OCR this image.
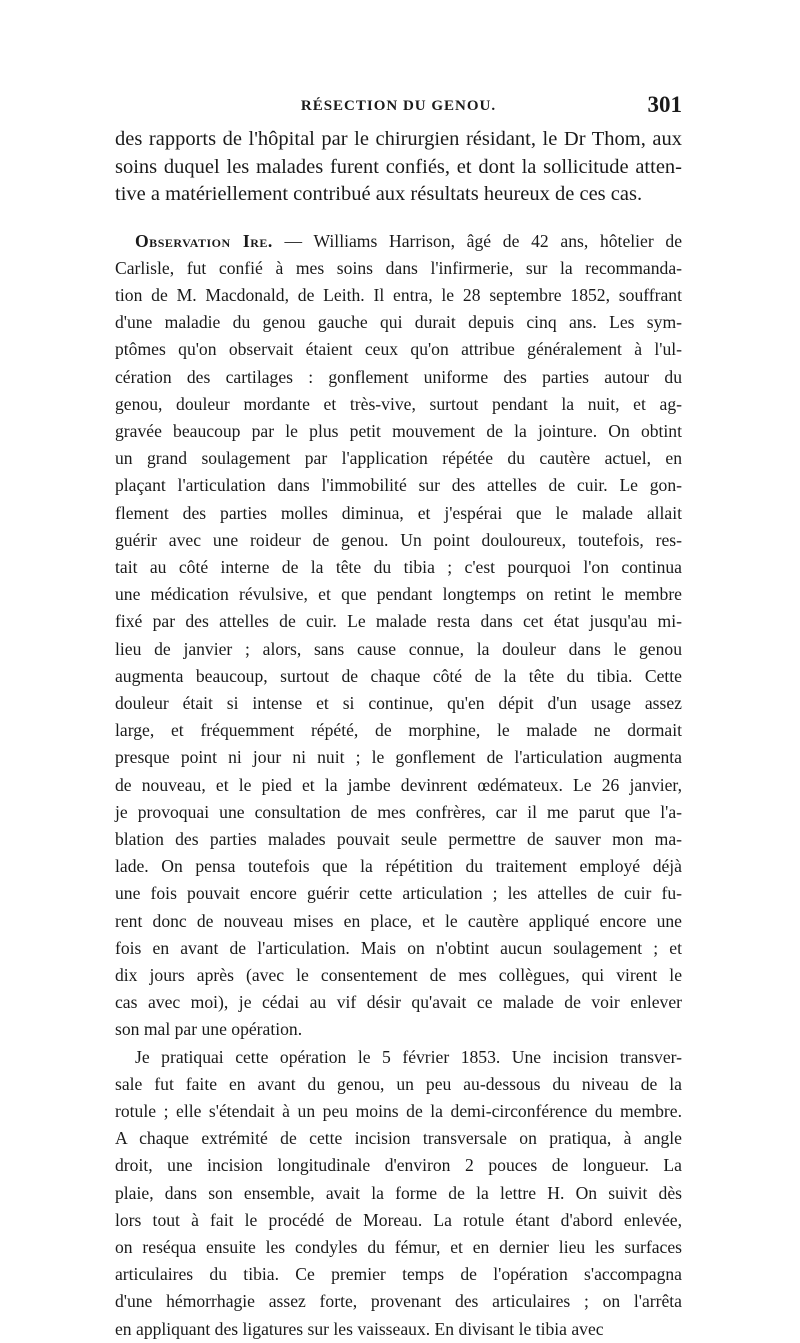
RÉSECTION DU GENOU.	301
des rapports de l'hôpital par le chirurgien résidant, le Dr Thom, aux
soins duquel les malades furent confiés, et dont la sollicitude atten-
tive a matériellement contribué aux résultats heureux de ces cas.
Observation Ire. — Williams Harrison, âgé de 42 ans, hôtelier de
Carlisle, fut confié à mes soins dans l'infirmerie, sur la recommanda-
tion de M. Macdonald, de Leith. Il entra, le 28 septembre 1852, souffrant
d'une maladie du genou gauche qui durait depuis cinq ans. Les sym-
ptômes qu'on observait étaient ceux qu'on attribue généralement à l'ul-
cération des cartilages : gonflement uniforme des parties autour du
genou, douleur mordante et très-vive, surtout pendant la nuit, et ag-
gravée beaucoup par le plus petit mouvement de la jointure. On obtint
un grand soulagement par l'application répétée du cautère actuel, en
plaçant l'articulation dans l'immobilité sur des attelles de cuir. Le gon-
flement des parties molles diminua, et j'espérai que le malade allait
guérir avec une roideur de genou. Un point douloureux, toutefois, res-
tait au côté interne de la tête du tibia ; c'est pourquoi l'on continua
une médication révulsive, et que pendant longtemps on retint le membre
fixé par des attelles de cuir. Le malade resta dans cet état jusqu'au mi-
lieu de janvier ; alors, sans cause connue, la douleur dans le genou
augmenta beaucoup, surtout de chaque côté de la tête du tibia. Cette
douleur était si intense et si continue, qu'en dépit d'un usage assez
large, et fréquemment répété, de morphine, le malade ne dormait
presque point ni jour ni nuit ; le gonflement de l'articulation augmenta
de nouveau, et le pied et la jambe devinrent œdémateux. Le 26 janvier,
je provoquai une consultation de mes confrères, car il me parut que l'a-
blation des parties malades pouvait seule permettre de sauver mon ma-
lade. On pensa toutefois que la répétition du traitement employé déjà
une fois pouvait encore guérir cette articulation ; les attelles de cuir fu-
rent donc de nouveau mises en place, et le cautère appliqué encore une
fois en avant de l'articulation. Mais on n'obtint aucun soulagement ; et
dix jours après (avec le consentement de mes collègues, qui virent le
cas avec moi), je cédai au vif désir qu'avait ce malade de voir enlever
son mal par une opération.
Je pratiquai cette opération le 5 février 1853. Une incision transver-
sale fut faite en avant du genou, un peu au-dessous du niveau de la
rotule ; elle s'étendait à un peu moins de la demi-circonférence du membre.
A chaque extrémité de cette incision transversale on pratiqua, à angle
droit, une incision longitudinale d'environ 2 pouces de longueur. La
plaie, dans son ensemble, avait la forme de la lettre H. On suivit dès
lors tout à fait le procédé de Moreau. La rotule étant d'abord enlevée,
on reséqua ensuite les condyles du fémur, et en dernier lieu les surfaces
articulaires du tibia. Ce premier temps de l'opération s'accompagna
d'une hémorrhagie assez forte, provenant des articulaires ; on l'arrêta
en appliquant des ligatures sur les vaisseaux. En divisant le tibia avec
